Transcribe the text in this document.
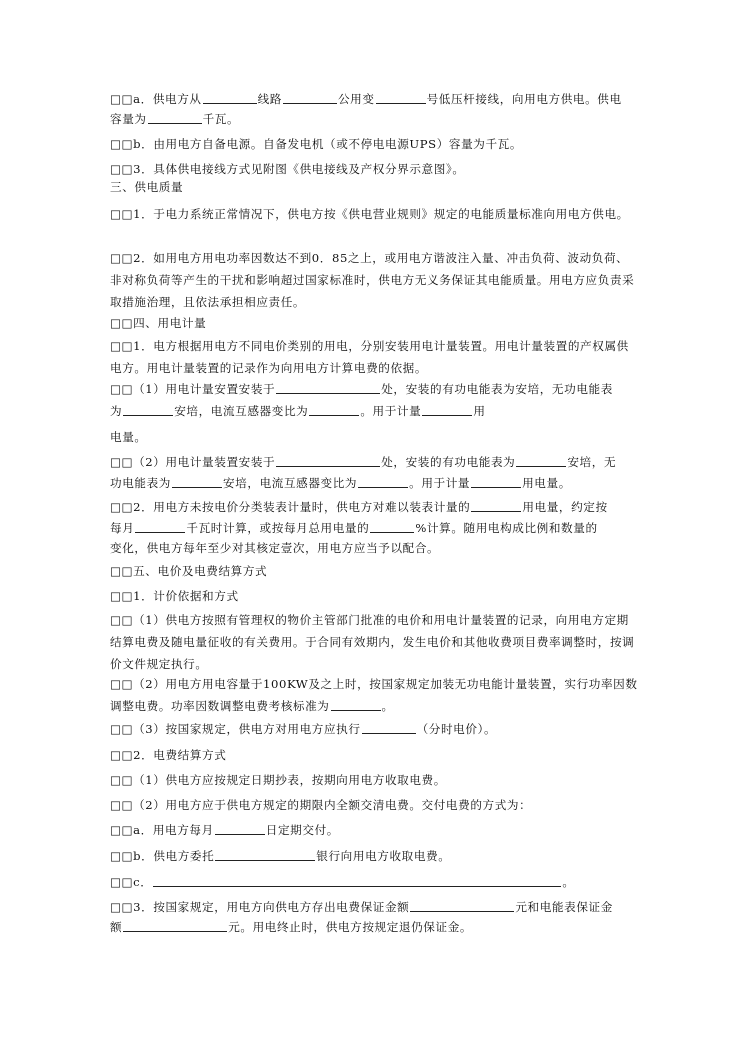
□□a．供电方从	线路	公用变	号低压杆接线，向用电方供电。供电
容量为	千瓦。
□□b．由用电方自备电源。自备发电机（或不停电电源UPS）容量为千瓦。
□□3．具体供电接线方式见附图《供电接线及产权分界示意图》。
三、供电质量
□□1．于电力系统正常情况下，供电方按《供电营业规则》规定的电能质量标准向用电方供电。
□□2．如用电方用电功率因数达不到0．85之上，或用电方谐波注入量、冲击负荷、波动负荷、非对称负荷等产生的干扰和影响超过国家标准时，供电方无义务保证其电能质量。用电方应负责采取措施治理，且依法承担相应责任。
□□四、用电计量
□□1．电方根据用电方不同电价类别的用电，分别安装用电计量装置。用电计量装置的产权属供电方。用电计量装置的记录作为向用电方计算电费的依据。
□□（1）用电计量安置安装于	处，安装的有功电能表为安培，无功电能表
为	安培，电流互感器变比为	。用于计量	用
电量。
□□（2）用电计量装置安装于	处，安装的有功电能表为	安培，无
功电能表为	安培，电流互感器变比为	。用于计量	用电量。
□□2．用电方未按电价分类装表计量时，供电方对难以装表计量的	用电量，约定按
每月	千瓦时计算，或按每月总用电量的	%计算。随用电构成比例和数量的
变化，供电方每年至少对其核定壹次，用电方应当予以配合。
□□五、电价及电费结算方式
□□1．计价依据和方式
□□（1）供电方按照有管理权的物价主管部门批准的电价和用电计量装置的记录，向用电方定期结算电费及随电量征收的有关费用。于合同有效期内，发生电价和其他收费项目费率调整时，按调价文件规定执行。
□□（2）用电方用电容量于100KW及之上时，按国家规定加装无功电能计量装置，实行功率因数调整电费。功率因数调整电费考核标准为	。
□□（3）按国家规定，供电方对用电方应执行	（分时电价）。
□□2．电费结算方式
□□（1）供电方应按规定日期抄表，按期向用电方收取电费。
□□（2）用电方应于供电方规定的期限内全额交清电费。交付电费的方式为：
□□a．用电方每月	日定期交付。
□□b．供电方委托	银行向用电方收取电费。
□□c．	。
□□3．按国家规定，用电方向供电方存出电费保证金额	元和电能表保证金
额	元。用电终止时，供电方按规定退仍保证金。
